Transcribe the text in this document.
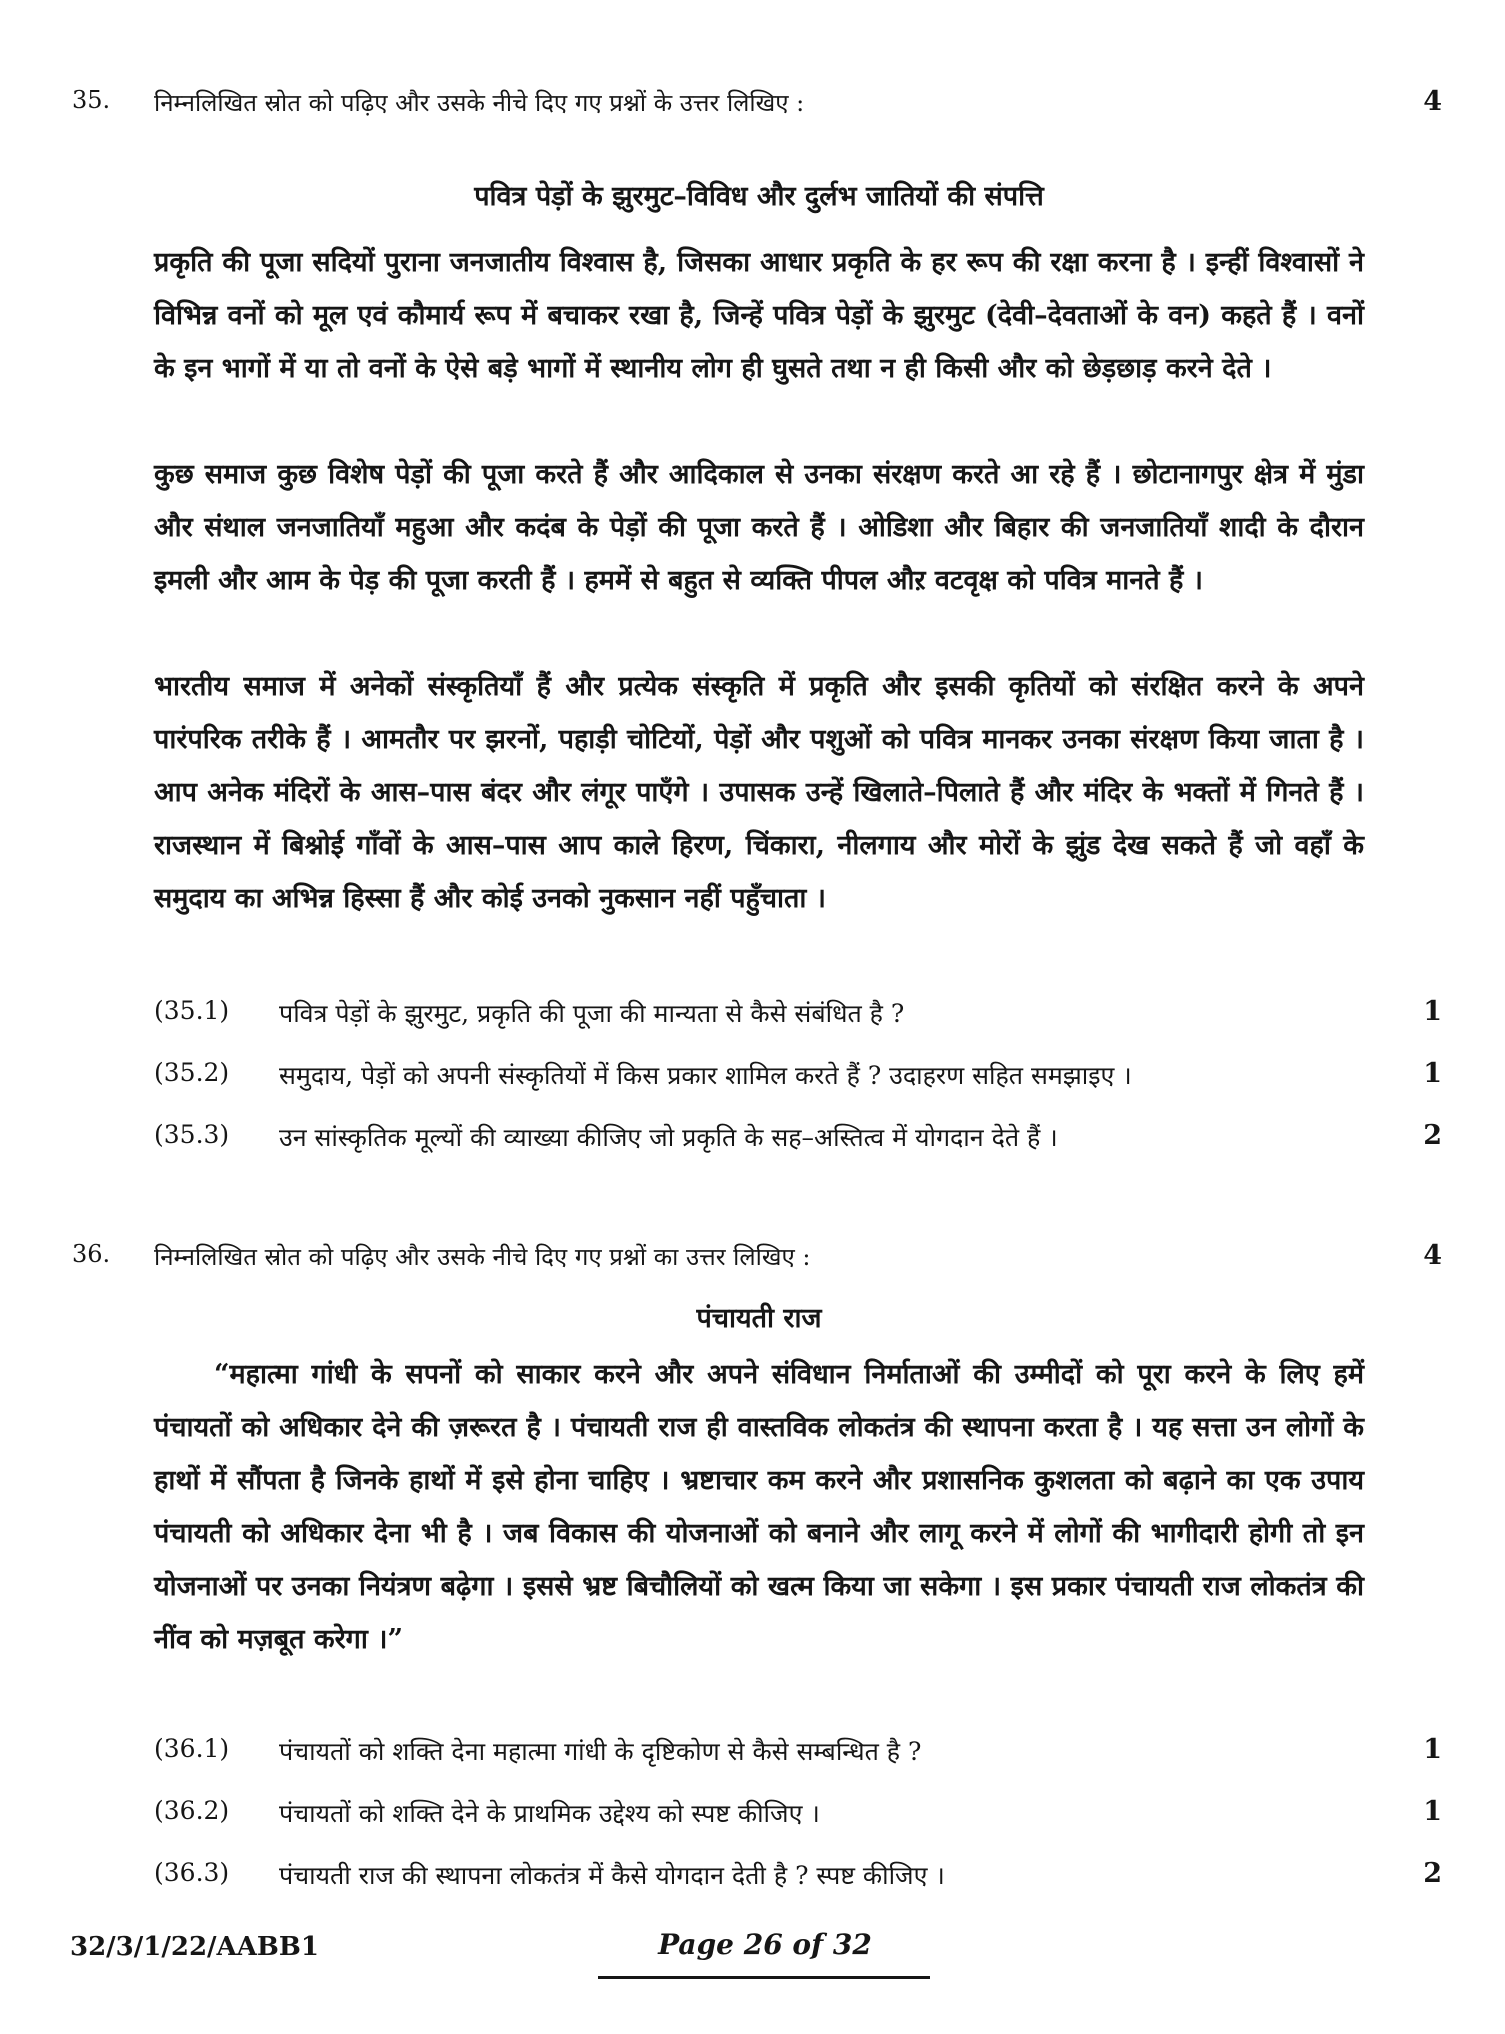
35.	निम्नलिखित स्रोत को पढ़िए और उसके नीचे दिए गए प्रश्नों के उत्तर लिखिए :	4
पवित्र पेड़ों के झुरमुट–विविध और दुर्लभ जातियों की संपत्ति

प्रकृति की पूजा सदियों पुराना जनजातीय विश्वास है, जिसका आधार प्रकृति के हर रूप की रक्षा करना है । इन्हीं विश्वासों ने विभिन्न वनों को मूल एवं कौमार्य रूप में बचाकर रखा है, जिन्हें पवित्र पेड़ों के झुरमुट (देवी–देवताओं के वन) कहते हैं । वनों के इन भागों में या तो वनों के ऐसे बड़े भागों में स्थानीय लोग ही घुसते तथा न ही किसी और को छेड़छाड़ करने देते ।

कुछ समाज कुछ विशेष पेड़ों की पूजा करते हैं और आदिकाल से उनका संरक्षण करते आ रहे हैं । छोटानागपुर क्षेत्र में मुंडा और संथाल जनजातियाँ महुआ और कदंब के पेड़ों की पूजा करते हैं । ओडिशा और बिहार की जनजातियाँ शादी के दौरान इमली और आम के पेड़ की पूजा करती हैं । हममें से बहुत से व्यक्ति पीपल औऱ वटवृक्ष को पवित्र मानते हैं ।

भारतीय समाज में अनेकों संस्कृतियाँ हैं और प्रत्येक संस्कृति में प्रकृति और इसकी कृतियों को संरक्षित करने के अपने पारंपरिक तरीके हैं । आमतौर पर झरनों, पहाड़ी चोटियों, पेड़ों और पशुओं को पवित्र मानकर उनका संरक्षण किया जाता है । आप अनेक मंदिरों के आस–पास बंदर और लंगूर पाएँगे । उपासक उन्हें खिलाते–पिलाते हैं और मंदिर के भक्तों में गिनते हैं । राजस्थान में बिश्नोई गाँवों के आस–पास आप काले हिरण, चिंकारा, नीलगाय और मोरों के झुंड देख सकते हैं जो वहाँ के समुदाय का अभिन्न हिस्सा हैं और कोई उनको नुकसान नहीं पहुँचाता ।

(35.1)	पवित्र पेड़ों के झुरमुट, प्रकृति की पूजा की मान्यता से कैसे संबंधित है ?	1
(35.2)	समुदाय, पेड़ों को अपनी संस्कृतियों में किस प्रकार शामिल करते हैं ? उदाहरण सहित समझाइए ।	1
(35.3)	उन सांस्कृतिक मूल्यों की व्याख्या कीजिए जो प्रकृति के सह–अस्तित्व में योगदान देते हैं ।	2
36.	निम्नलिखित स्रोत को पढ़िए और उसके नीचे दिए गए प्रश्नों का उत्तर लिखिए :	4
पंचायती राज

“महात्मा गांधी के सपनों को साकार करने और अपने संविधान निर्माताओं की उम्मीदों को पूरा करने के लिए हमें पंचायतों को अधिकार देने की ज़रूरत है । पंचायती राज ही वास्तविक लोकतंत्र की स्थापना करता है । यह सत्ता उन लोगों के हाथों में सौंपता है जिनके हाथों में इसे होना चाहिए । भ्रष्टाचार कम करने और प्रशासनिक कुशलता को बढ़ाने का एक उपाय पंचायती को अधिकार देना भी है । जब विकास की योजनाओं को बनाने और लागू करने में लोगों की भागीदारी होगी तो इन योजनाओं पर उनका नियंत्रण बढ़ेगा । इससे भ्रष्ट बिचौलियों को खत्म किया जा सकेगा । इस प्रकार पंचायती राज लोकतंत्र की नींव को मज़बूत करेगा ।”

(36.1)	पंचायतों को शक्ति देना महात्मा गांधी के दृष्टिकोण से कैसे सम्बन्धित है ?	1
(36.2)	पंचायतों को शक्ति देने के प्राथमिक उद्देश्य को स्पष्ट कीजिए ।	1
(36.3)	पंचायती राज की स्थापना लोकतंत्र में कैसे योगदान देती है ? स्पष्ट कीजिए ।	2
32/3/1/22/AABB1	Page 26 of 32
